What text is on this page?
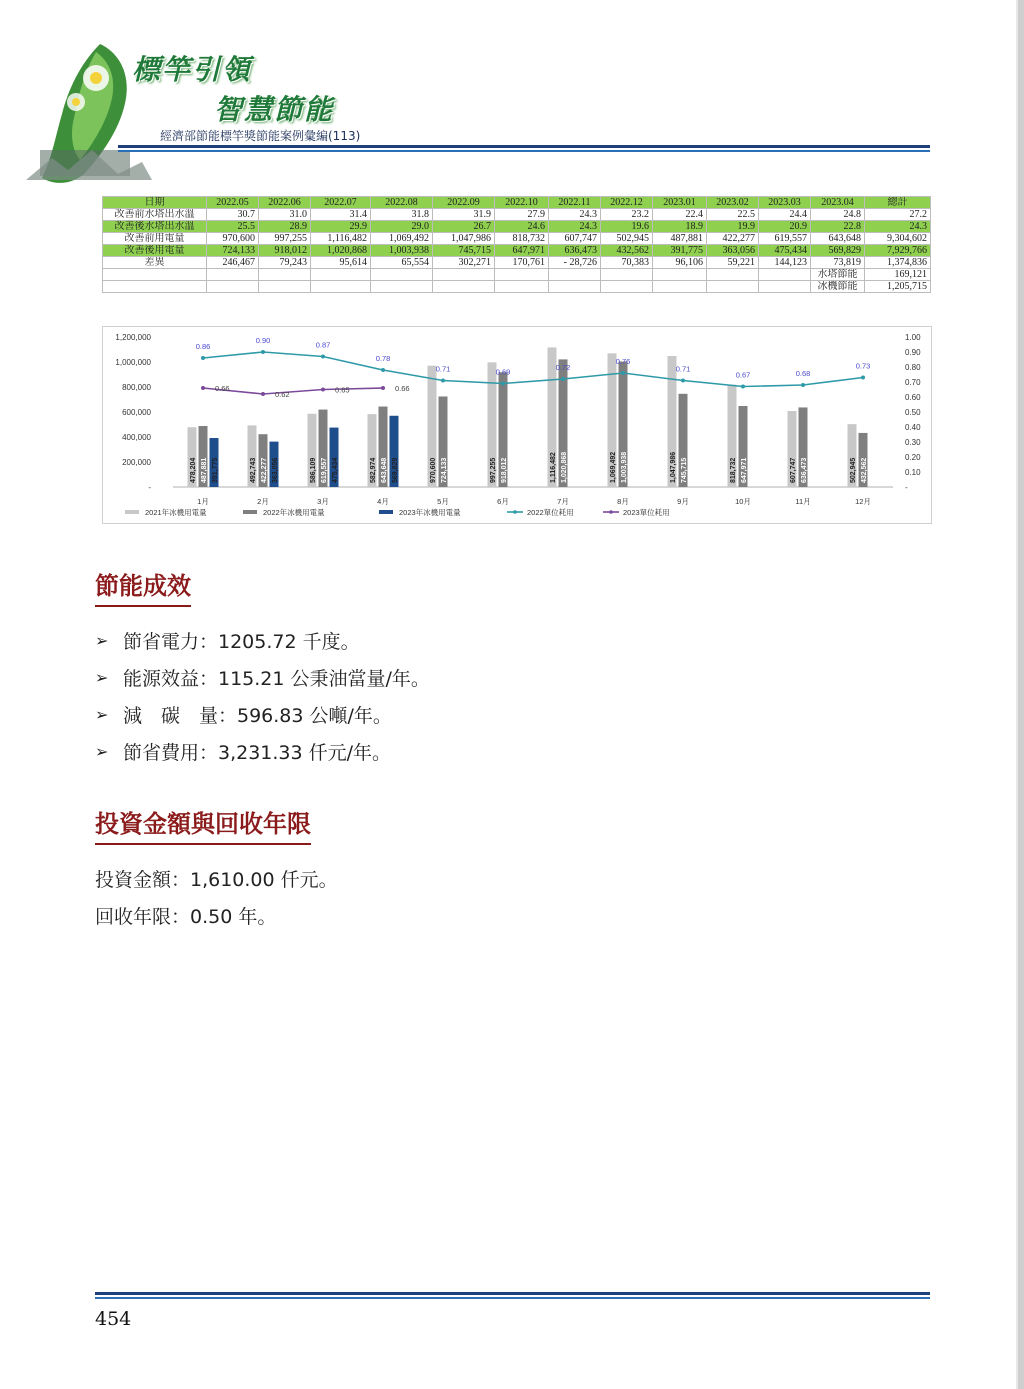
標竿引領
智慧節能
經濟部節能標竿獎節能案例彙編(113)
日期	2022.05	2022.06	2022.07	2022.08	2022.09	2022.10	2022.11	2022.12	2023.01	2023.02	2023.03	2023.04	總計
改善前水塔出水溫	30.7	31.0	31.4	31.8	31.9	27.9	24.3	23.2	22.4	22.5	24.4	24.8	27.2
改善後水塔出水溫	25.5	28.9	29.9	29.0	26.7	24.6	24.3	19.6	18.9	19.9	20.9	22.8	24.3
改善前用電量	970,600	997,255	1,116,482	1,069,492	1,047,986	818,732	607,747	502,945	487,881	422,277	619,557	643,648	9,304,602
改善後用電量	724,133	918,012	1,020,868	1,003,938	745,715	647,971	636,473	432,562	391,775	363,056	475,434	569,829	7,929,766
差異	246,467	79,243	95,614	65,554	302,271	170,761	- 28,726	70,383	96,106	59,221	144,123	73,819	1,374,836
												水塔節能	169,121
												冰機節能	1,205,715
-
200,000
400,000
600,000
800,000
1,000,000
1,200,000
-
0.10
0.20
0.30
0.40
0.50
0.60
0.70
0.80
0.90
1.00
478,204	492,743	586,109	582,974	970,600	997,255	1,116,482	1,069,492	1,047,986	818,732	607,747	502,945
487,881	422,277	619,557	643,648	724,133	918,012	1,020,868	1,003,938	745,715	647,971	636,473	432,562
391,775	363,056	475,434	569,829
0.86
0.90	0.87
0.78
0.71	0.69	0.72
0.76
0.71
0.67	0.68
0.73
0.66
0.62	0.65	0.66
1月	2月	3月	4月	5月	6月	7月	8月	9月	10月	11月	12月
2021年冰機用電量	2022年冰機用電量	2023年冰機用電量	2022單位耗用	2023單位耗用
節能成效
➢ 節省電力：1205.72 千度。
➢ 能源效益：115.21 公秉油當量/年。
➢ 減　碳　量：596.83 公噸/年。
➢ 節省費用：3,231.33 仟元/年。
投資金額與回收年限
投資金額：1,610.00 仟元。
回收年限：0.50 年。
454
